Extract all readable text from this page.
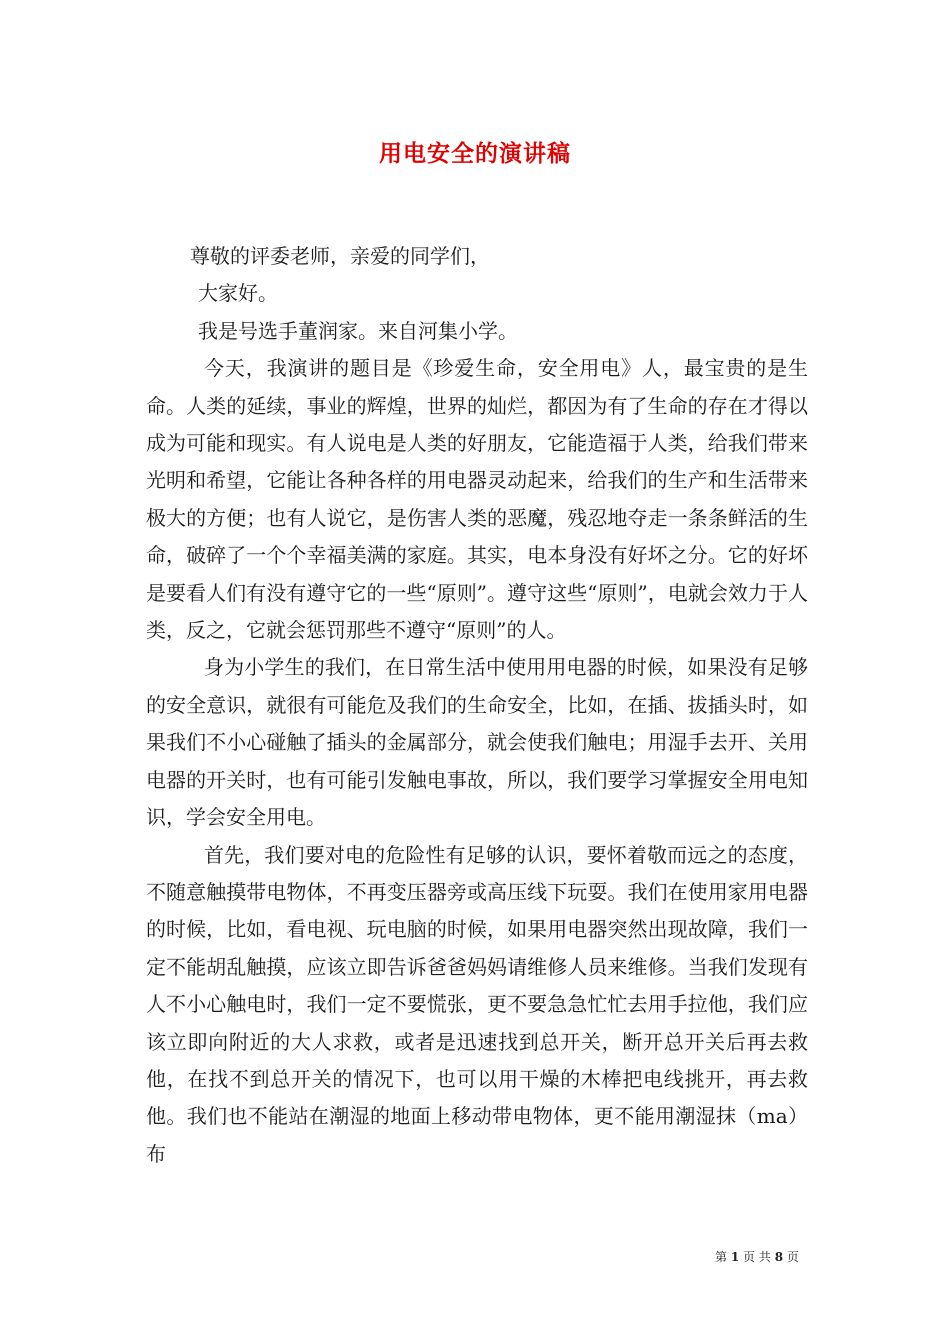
用电安全的演讲稿

尊敬的评委老师，亲爱的同学们，

大家好。

我是号选手董润家。来自河集小学。

今天，我演讲的题目是《珍爱生命，安全用电》人，最宝贵的是生命。人类的延续，事业的辉煌，世界的灿烂，都因为有了生命的存在才得以成为可能和现实。有人说电是人类的好朋友，它能造福于人类，给我们带来光明和希望，它能让各种各样的用电器灵动起来，给我们的生产和生活带来极大的方便；也有人说它，是伤害人类的恶魔，残忍地夺走一条条鲜活的生命，破碎了一个个幸福美满的家庭。其实，电本身没有好坏之分。它的好坏是要看人们有没有遵守它的一些“原则”。遵守这些“原则”，电就会效力于人类，反之，它就会惩罚那些不遵守“原则”的人。

身为小学生的我们，在日常生活中使用用电器的时候，如果没有足够的安全意识，就很有可能危及我们的生命安全，比如，在插、拔插头时，如果我们不小心碰触了插头的金属部分，就会使我们触电；用湿手去开、关用电器的开关时，也有可能引发触电事故，所以，我们要学习掌握安全用电知识，学会安全用电。

首先，我们要对电的危险性有足够的认识，要怀着敬而远之的态度，不随意触摸带电物体，不再变压器旁或高压线下玩耍。我们在使用家用电器的时候，比如，看电视、玩电脑的时候，如果用电器突然出现故障，我们一定不能胡乱触摸，应该立即告诉爸爸妈妈请维修人员来维修。当我们发现有人不小心触电时，我们一定不要慌张，更不要急急忙忙去用手拉他，我们应该立即向附近的大人求救，或者是迅速找到总开关，断开总开关后再去救他，在找不到总开关的情况下，也可以用干燥的木棒把电线挑开，再去救他。我们也不能站在潮湿的地面上移动带电物体，更不能用潮湿抹（ma）布

第 1 页 共 8 页
